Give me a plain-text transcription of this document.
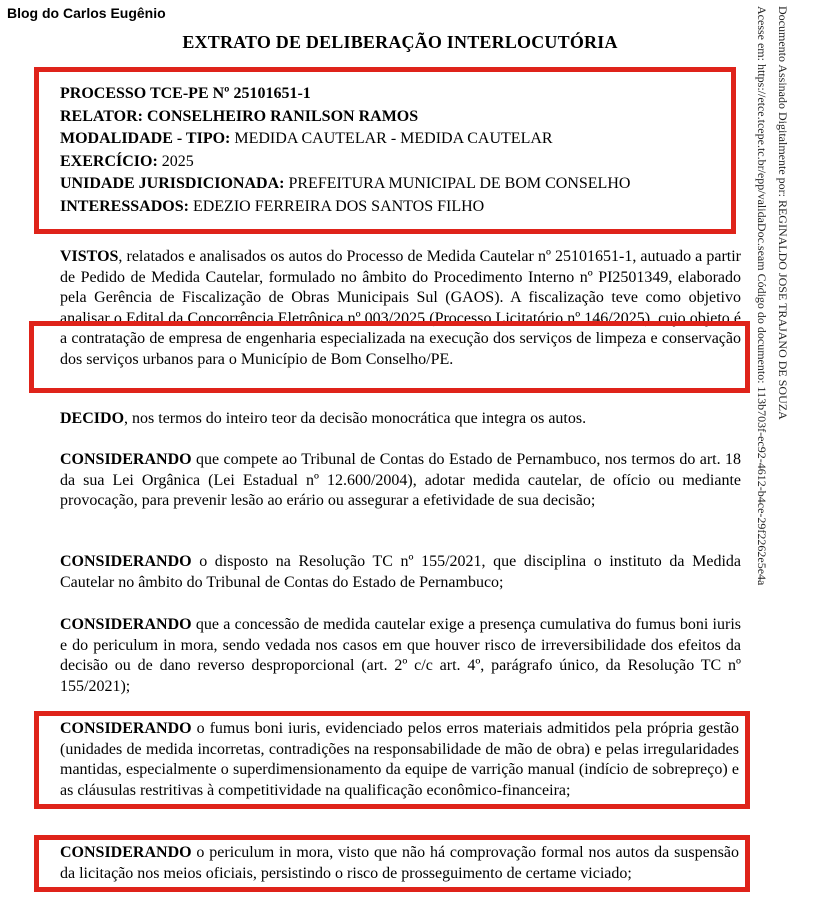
Blog do Carlos Eugênio
EXTRATO DE DELIBERAÇÃO INTERLOCUTÓRIA
PROCESSO TCE-PE Nº 25101651-1
RELATOR: CONSELHEIRO RANILSON RAMOS
MODALIDADE - TIPO: MEDIDA CAUTELAR - MEDIDA CAUTELAR
EXERCÍCIO: 2025
UNIDADE JURISDICIONADA: PREFEITURA MUNICIPAL DE BOM CONSELHO
INTERESSADOS: EDEZIO FERREIRA DOS SANTOS FILHO
VISTOS, relatados e analisados os autos do Processo de Medida Cautelar nº 25101651-1, autuado a partir de Pedido de Medida Cautelar, formulado no âmbito do Procedimento Interno nº PI2501349, elaborado pela Gerência de Fiscalização de Obras Municipais Sul (GAOS). A fiscalização teve como objetivo analisar o Edital da Concorrência Eletrônica nº 003/2025 (Processo Licitatório nº 146/2025), cujo objeto é a contratação de empresa de engenharia especializada na execução dos serviços de limpeza e conservação dos serviços urbanos para o Município de Bom Conselho/PE.
DECIDO, nos termos do inteiro teor da decisão monocrática que integra os autos.
CONSIDERANDO que compete ao Tribunal de Contas do Estado de Pernambuco, nos termos do art. 18 da sua Lei Orgânica (Lei Estadual nº 12.600/2004), adotar medida cautelar, de ofício ou mediante provocação, para prevenir lesão ao erário ou assegurar a efetividade de sua decisão;
CONSIDERANDO o disposto na Resolução TC nº 155/2021, que disciplina o instituto da Medida Cautelar no âmbito do Tribunal de Contas do Estado de Pernambuco;
CONSIDERANDO que a concessão de medida cautelar exige a presença cumulativa do fumus boni iuris e do periculum in mora, sendo vedada nos casos em que houver risco de irreversibilidade dos efeitos da decisão ou de dano reverso desproporcional (art. 2º c/c art. 4º, parágrafo único, da Resolução TC nº 155/2021);
CONSIDERANDO o fumus boni iuris, evidenciado pelos erros materiais admitidos pela própria gestão (unidades de medida incorretas, contradições na responsabilidade de mão de obra) e pelas irregularidades mantidas, especialmente o superdimensionamento da equipe de varrição manual (indício de sobrepreço) e as cláusulas restritivas à competitividade na qualificação econômico-financeira;
CONSIDERANDO o periculum in mora, visto que não há comprovação formal nos autos da suspensão da licitação nos meios oficiais, persistindo o risco de prosseguimento de certame viciado;
Documento Assinado Digitalmente por: REGINALDO JOSE TRAJANO DE SOUZA
Acesse em: https://etce.tcepe.tc.br/epp/validaDoc.seam Código do documento: 113b703f-ec92-4612-b4ce-29f2262e5e4a
